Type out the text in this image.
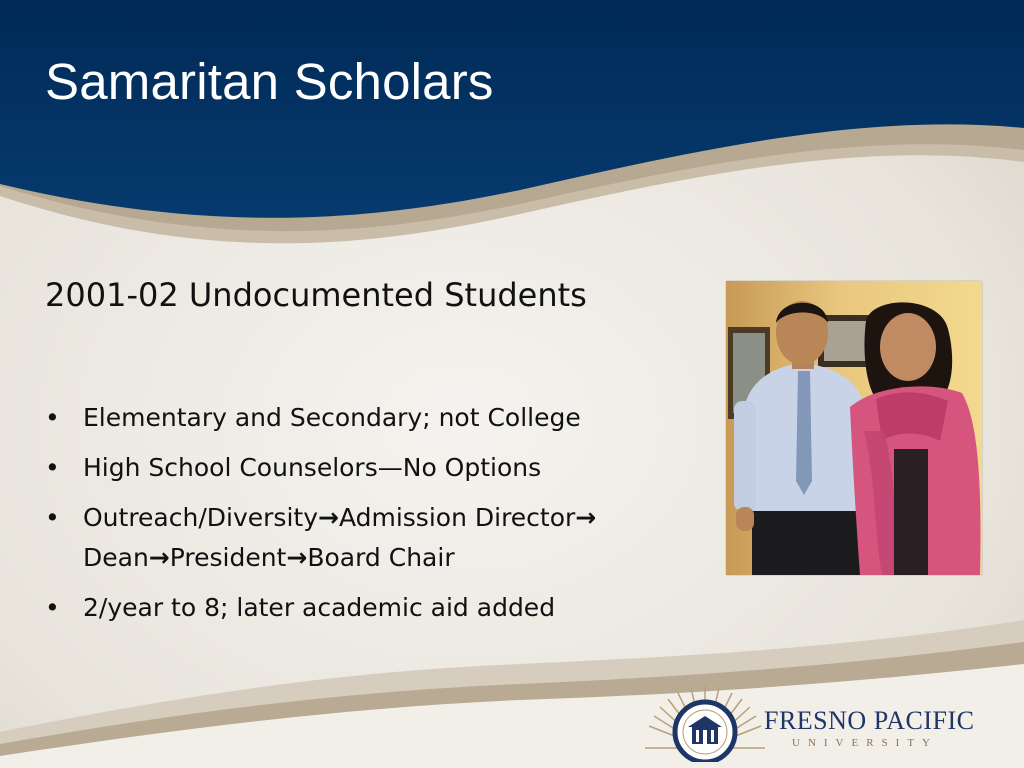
Samaritan Scholars
2001-02 Undocumented Students
• Elementary and Secondary; not College
• High School Counselors—No Options
• Outreach/Diversity→Admission Director→
Dean→President→Board Chair
• 2/year to 8; later academic aid added

FRESNO PACIFIC

UNIVERSITY
